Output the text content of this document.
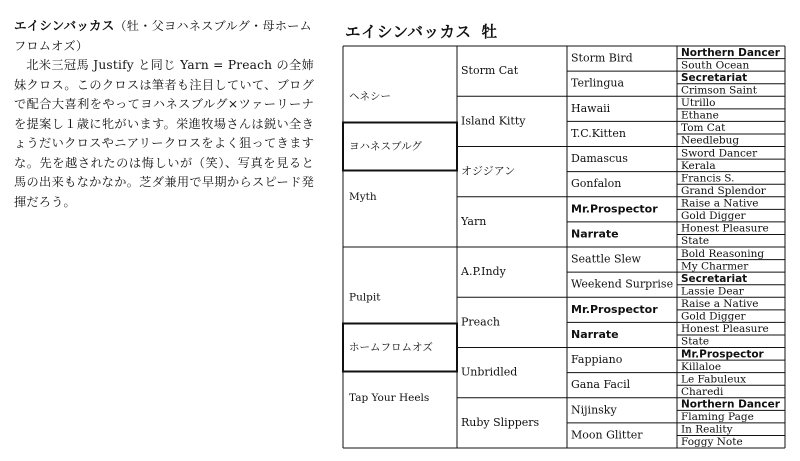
エイシンバッカス（牡・父ヨハネスブルグ・母ホームフロムオズ）

北米三冠馬 Justify と同じ Yarn = Preach の全姉妹クロス。このクロスは筆者も注目していて、ブログで配合大喜利をやってヨハネスブルグ×ツァーリーナを提案し１歳に牝がいます。栄進牧場さんは鋭い全きょうだいクロスやニアリークロスをよく狙ってきますな。先を越されたのは悔しいが（笑）、写真を見ると馬の出来もなかなか。芝ダ兼用で早期からスピード発揮だろう。

エイシンバッカス 牡
ヘネシー
Myth
Pulpit
Tap Your Heels
ヨハネスブルグ
ホームフロムオズ
Storm Cat
Island Kitty
オジジアン
Yarn
A.P.Indy
Preach
Unbridled
Ruby Slippers
Storm Bird
Terlingua
Hawaii
T.C.Kitten
Damascus
Gonfalon
Mr.Prospector
Narrate
Seattle Slew
Weekend Surprise
Mr.Prospector
Narrate
Fappiano
Gana Facil
Nijinsky
Moon Glitter
Northern Dancer
South Ocean
Secretariat
Crimson Saint
Utrillo
Ethane
Tom Cat
Needlebug
Sword Dancer
Kerala
Francis S.
Grand Splendor
Raise a Native
Gold Digger
Honest Pleasure
State
Bold Reasoning
My Charmer
Secretariat
Lassie Dear
Raise a Native
Gold Digger
Honest Pleasure
State
Mr.Prospector
Killaloe
Le Fabuleux
Charedi
Northern Dancer
Flaming Page
In Reality
Foggy Note
